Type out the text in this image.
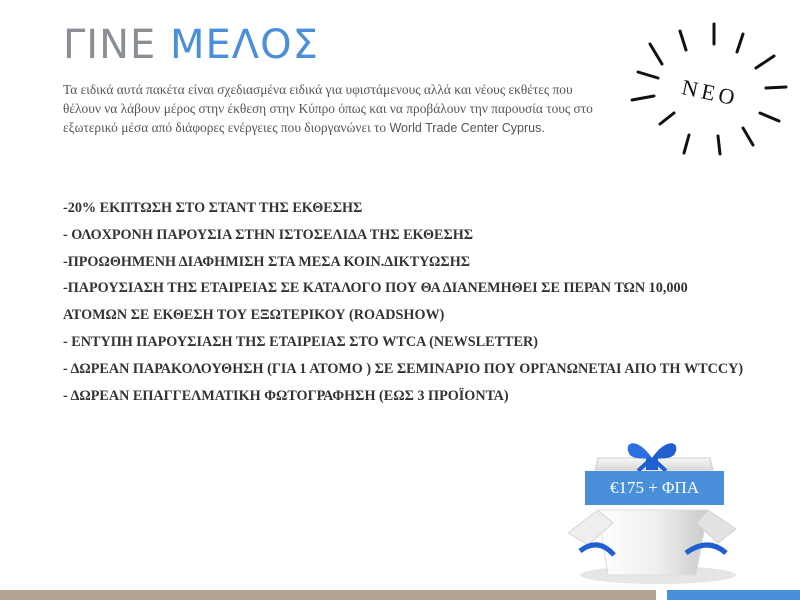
ΓΙΝΕ ΜΕΛΟΣ

Τα ειδικά αυτά πακέτα είναι σχεδιασμένα ειδικά για υφιστάμενους αλλά και νέους εκθέτες που θέλουν να λάβουν μέρος στην έκθεση στην Κύπρο όπως και να προβάλουν την παρουσία τους στο εξωτερικό μέσα από διάφορες ενέργειες που διοργανώνει το World Trade Center Cyprus.

-20% ΕΚΠΤΩΣΗ ΣΤΟ ΣΤΑΝΤ ΤΗΣ ΕΚΘΕΣΗΣ
- ΟΛΟΧΡΟΝΗ ΠΑΡΟΥΣΙΑ ΣΤΗΝ ΙΣΤΟΣΕΛΙΔΑ ΤΗΣ ΕΚΘΕΣΗΣ
-ΠΡΟΩΘΗΜΕΝΗ ΔΙΑΦΗΜΙΣΗ ΣΤΑ ΜΕΣΑ ΚΟΙΝ.ΔΙΚΤΥΩΣΗΣ
-ΠΑΡΟΥΣΙΑΣΗ ΤΗΣ ΕΤΑΙΡΕΙΑΣ ΣΕ ΚΑΤΑΛΟΓΟ ΠΟΥ ΘΑ ΔΙΑΝΕΜΗΘΕΙ ΣΕ ΠΕΡΑΝ ΤΩΝ 10,000 ΑΤΟΜΩΝ ΣΕ ΕΚΘΕΣΗ ΤΟΥ ΕΞΩΤΕΡΙΚΟΥ (ROADSHOW)
- ΕΝΤΥΠΗ ΠΑΡΟΥΣΙΑΣΗ ΤΗΣ ΕΤΑΙΡΕΙΑΣ ΣΤΟ WTCA (NEWSLETTER)
- ΔΩΡΕΑΝ ΠΑΡΑΚΟΛΟΥΘΗΣΗ (ΓΙΑ 1 ΑΤΟΜΟ ) ΣΕ ΣΕΜΙΝΑΡΙΟ ΠΟΥ ΟΡΓΑΝΩΝΕΤΑΙ ΑΠΟ ΤΗ WTCCY)
- ΔΩΡΕΑΝ ΕΠΑΓΓΕΛΜΑΤΙΚΗ ΦΩΤΟΓΡΑΦΗΣΗ (ΕΩΣ 3 ΠΡΟΪΟΝΤΑ)
ΝΕΟ
€175 + ΦΠΑ
